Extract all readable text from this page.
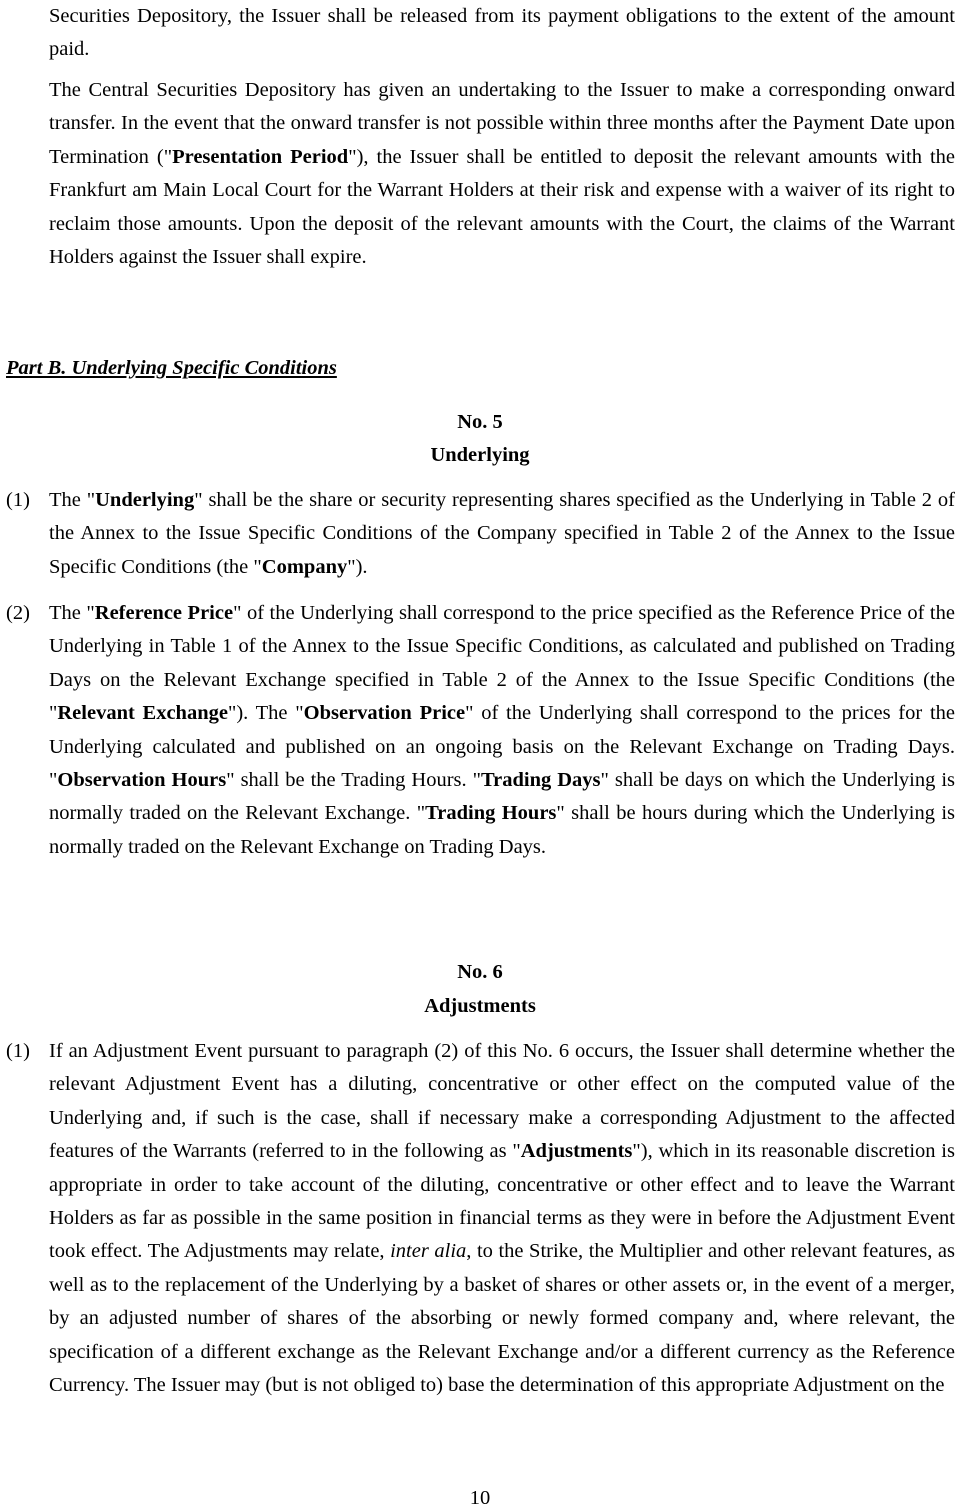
Securities Depository, the Issuer shall be released from its payment obligations to the extent of the amount paid.

The Central Securities Depository has given an undertaking to the Issuer to make a corresponding onward transfer. In the event that the onward transfer is not possible within three months after the Payment Date upon Termination ("Presentation Period"), the Issuer shall be entitled to deposit the relevant amounts with the Frankfurt am Main Local Court for the Warrant Holders at their risk and expense with a waiver of its right to reclaim those amounts. Upon the deposit of the relevant amounts with the Court, the claims of the Warrant Holders against the Issuer shall expire.

Part B. Underlying Specific Conditions
No. 5
Underlying
(1) The "Underlying" shall be the share or security representing shares specified as the Underlying in Table 2 of the Annex to the Issue Specific Conditions of the Company specified in Table 2 of the Annex to the Issue Specific Conditions (the "Company").
(2) The "Reference Price" of the Underlying shall correspond to the price specified as the Reference Price of the Underlying in Table 1 of the Annex to the Issue Specific Conditions, as calculated and published on Trading Days on the Relevant Exchange specified in Table 2 of the Annex to the Issue Specific Conditions (the "Relevant Exchange"). The "Observation Price" of the Underlying shall correspond to the prices for the Underlying calculated and published on an ongoing basis on the Relevant Exchange on Trading Days. "Observation Hours" shall be the Trading Hours. "Trading Days" shall be days on which the Underlying is normally traded on the Relevant Exchange. "Trading Hours" shall be hours during which the Underlying is normally traded on the Relevant Exchange on Trading Days.
No. 6
Adjustments
(1) If an Adjustment Event pursuant to paragraph (2) of this No. 6 occurs, the Issuer shall determine whether the relevant Adjustment Event has a diluting, concentrative or other effect on the computed value of the Underlying and, if such is the case, shall if necessary make a corresponding Adjustment to the affected features of the Warrants (referred to in the following as "Adjustments"), which in its reasonable discretion is appropriate in order to take account of the diluting, concentrative or other effect and to leave the Warrant Holders as far as possible in the same position in financial terms as they were in before the Adjustment Event took effect. The Adjustments may relate, inter alia, to the Strike, the Multiplier and other relevant features, as well as to the replacement of the Underlying by a basket of shares or other assets or, in the event of a merger, by an adjusted number of shares of the absorbing or newly formed company and, where relevant, the specification of a different exchange as the Relevant Exchange and/or a different currency as the Reference Currency. The Issuer may (but is not obliged to) base the determination of this appropriate Adjustment on the
10
